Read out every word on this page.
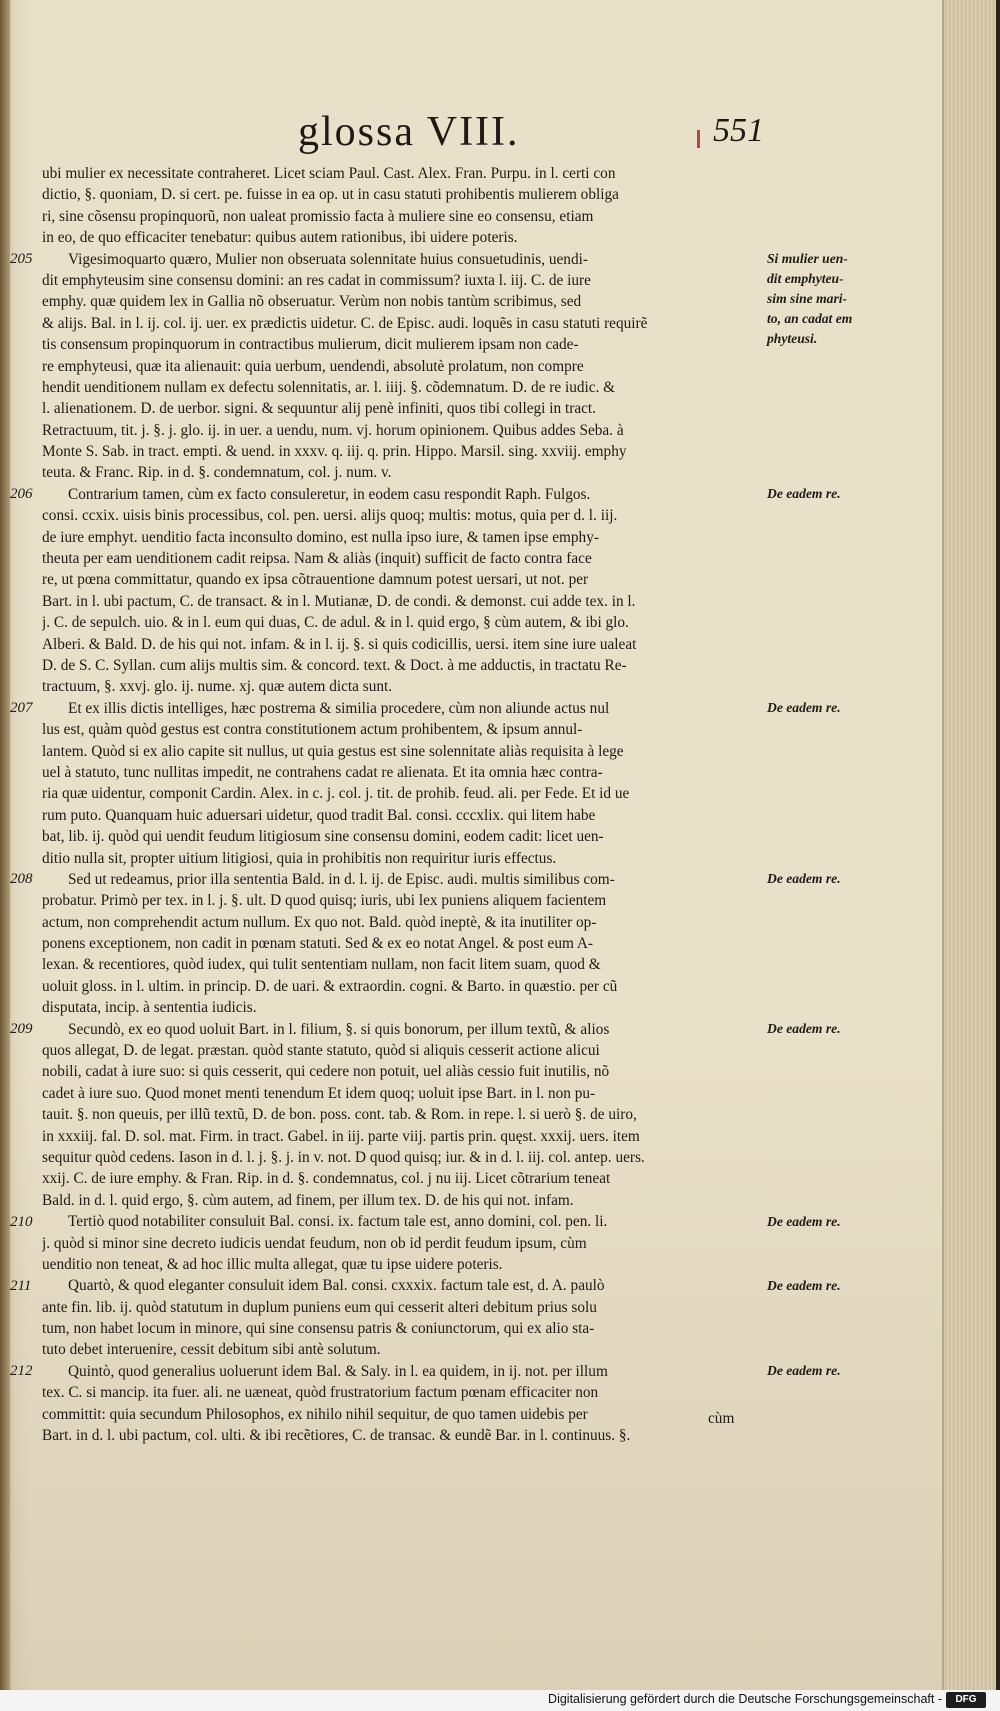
glossa VIII.	551
ubi mulier ex necessitate contraheret. Licet sciam Paul. Cast. Alex. Fran. Purpu. in l. certi con
dictio, §. quoniam, D. si cert. pe. fuisse in ea op. ut in casu statuti prohibentis mulierem obliga
ri, sine cõsensu propinquorũ, non ualeat promissio facta à muliere sine eo consensu, etiam
in eo, de quo efficaciter tenebatur: quibus autem rationibus, ibi uidere poteris.
Vigesimoquarto quæro, Mulier non obseruata solennitate huius consuetudinis, uendi-
dit emphyteusim sine consensu domini: an res cadat in commissum? iuxta l. iij. C. de iure
emphy. quæ quidem lex in Gallia nõ obseruatur. Verùm non nobis tantùm scribimus, sed
& alijs. Bal. in l. ij. col. ij. uer. ex prædictis uidetur. C. de Episc. audi. loquẽs in casu statuti requirẽ
tis consensum propinquorum in contractibus mulierum, dicit mulierem ipsam non cade-
re emphyteusi, quæ ita alienauit: quia uerbum, uendendi, absolutè prolatum, non compre
hendit uenditionem nullam ex defectu solennitatis, ar. l. iiij. §. cõdemnatum. D. de re iudic. &
l. alienationem. D. de uerbor. signi. & sequuntur alij penè infiniti, quos tibi collegi in tract.
Retractuum, tit. j. §. j. glo. ij. in uer. a uendu, num. vj. horum opinionem. Quibus addes Seba. à
Monte S. Sab. in tract. empti. & uend. in xxxv. q. iij. q. prin. Hippo. Marsil. sing. xxviij. emphy
teuta. & Franc. Rip. in d. §. condemnatum, col. j. num. v.
Contrarium tamen, cùm ex facto consuleretur, in eodem casu respondit Raph. Fulgos.
consi. ccxix. uisis binis processibus, col. pen. uersi. alijs quoq; multis: motus, quia per d. l. iij.
de iure emphyt. uenditio facta inconsulto domino, est nulla ipso iure, & tamen ipse emphy-
theuta per eam uenditionem cadit reipsa. Nam & aliàs (inquit) sufficit de facto contra face
re, ut pœna committatur, quando ex ipsa cõtrauentione damnum potest uersari, ut not. per
Bart. in l. ubi pactum, C. de transact. & in l. Mutianæ, D. de condi. & demonst. cui adde tex. in l.
j. C. de sepulch. uio. & in l. eum qui duas, C. de adul. & in l. quid ergo, § cùm autem, & ibi glo.
Alberi. & Bald. D. de his qui not. infam. & in l. ij. §. si quis codicillis, uersi. item sine iure ualeat
D. de S. C. Syllan. cum alijs multis sim. & concord. text. & Doct. à me adductis, in tractatu Re-
tractuum, §. xxvj. glo. ij. nume. xj. quæ autem dicta sunt.
Et ex illis dictis intelliges, hæc postrema & similia procedere, cùm non aliunde actus nul
lus est, quàm quòd gestus est contra constitutionem actum prohibentem, & ipsum annul-
lantem. Quòd si ex alio capite sit nullus, ut quia gestus est sine solennitate aliàs requisita à lege
uel à statuto, tunc nullitas impedit, ne contrahens cadat re alienata. Et ita omnia hæc contra-
ria quæ uidentur, componit Cardin. Alex. in c. j. col. j. tit. de prohib. feud. ali. per Fede. Et id ue
rum puto. Quanquam huic aduersari uidetur, quod tradit Bal. consi. cccxlix. qui litem habe
bat, lib. ij. quòd qui uendit feudum litigiosum sine consensu domini, eodem cadit: licet uen-
ditio nulla sit, propter uitium litigiosi, quia in prohibitis non requiritur iuris effectus.
Sed ut redeamus, prior illa sententia Bald. in d. l. ij. de Episc. audi. multis similibus com-
probatur. Primò per tex. in l. j. §. ult. D quod quisq; iuris, ubi lex puniens aliquem facientem
actum, non comprehendit actum nullum. Ex quo not. Bald. quòd ineptè, & ita inutiliter op-
ponens exceptionem, non cadit in pœnam statuti. Sed & ex eo notat Angel. & post eum A-
lexan. & recentiores, quòd iudex, qui tulit sententiam nullam, non facit litem suam, quod &
uoluit gloss. in l. ultim. in princip. D. de uari. & extraordin. cogni. & Barto. in quæstio. per cũ
disputata, incip. à sententia iudicis.
Secundò, ex eo quod uoluit Bart. in l. filium, §. si quis bonorum, per illum textũ, & alios
quos allegat, D. de legat. præstan. quòd stante statuto, quòd si aliquis cesserit actione alicui
nobili, cadat à iure suo: si quis cesserit, qui cedere non potuit, uel aliàs cessio fuit inutilis, nõ
cadet à iure suo. Quod monet menti tenendum Et idem quoq; uoluit ipse Bart. in l. non pu-
tauit. §. non queuis, per illũ textũ, D. de bon. poss. cont. tab. & Rom. in repe. l. si uerò §. de uiro,
in xxxiij. fal. D. sol. mat. Firm. in tract. Gabel. in iij. parte viij. partis prin. quęst. xxxij. uers. item
sequitur quòd cedens. Iason in d. l. j. §. j. in v. not. D quod quisq; iur. & in d. l. iij. col. antep. uers.
xxij. C. de iure emphy. & Fran. Rip. in d. §. condemnatus, col. j nu iij. Licet cõtrarium teneat
Bald. in d. l. quid ergo, §. cùm autem, ad finem, per illum tex. D. de his qui not. infam.
Tertiò quod notabiliter consuluit Bal. consi. ix. factum tale est, anno domini, col. pen. li.
j. quòd si minor sine decreto iudicis uendat feudum, non ob id perdit feudum ipsum, cùm
uenditio non teneat, & ad hoc illic multa allegat, quæ tu ipse uidere poteris.
Quartò, & quod eleganter consuluit idem Bal. consi. cxxxix. factum tale est, d. A. paulò
ante fin. lib. ij. quòd statutum in duplum puniens eum qui cesserit alteri debitum prius solu
tum, non habet locum in minore, qui sine consensu patris & coniunctorum, qui ex alio sta-
tuto debet interuenire, cessit debitum sibi antè solutum.
Quintò, quod generalius uoluerunt idem Bal. & Saly. in l. ea quidem, in ij. not. per illum
tex. C. si mancip. ita fuer. ali. ne uæneat, quòd frustratorium factum pœnam efficaciter non
committit: quia secundum Philosophos, ex nihilo nihil sequitur, de quo tamen uidebis per
Bart. in d. l. ubi pactum, col. ulti. & ibi recẽtiores, C. de transac. & eundẽ Bar. in l. continuus. §.
205
206
207
208
209
210
211
212
Si mulier uen-
dit emphyteu-
sim sine mari-
to, an cadat em
phyteusi.
De eadem re.
De eadem re.
De eadem re.
De eadem re.
De eadem re.
De eadem re.
De eadem re.
cùm
Digitalisierung gefördert durch die Deutsche Forschungsgemeinschaft -	DFG
